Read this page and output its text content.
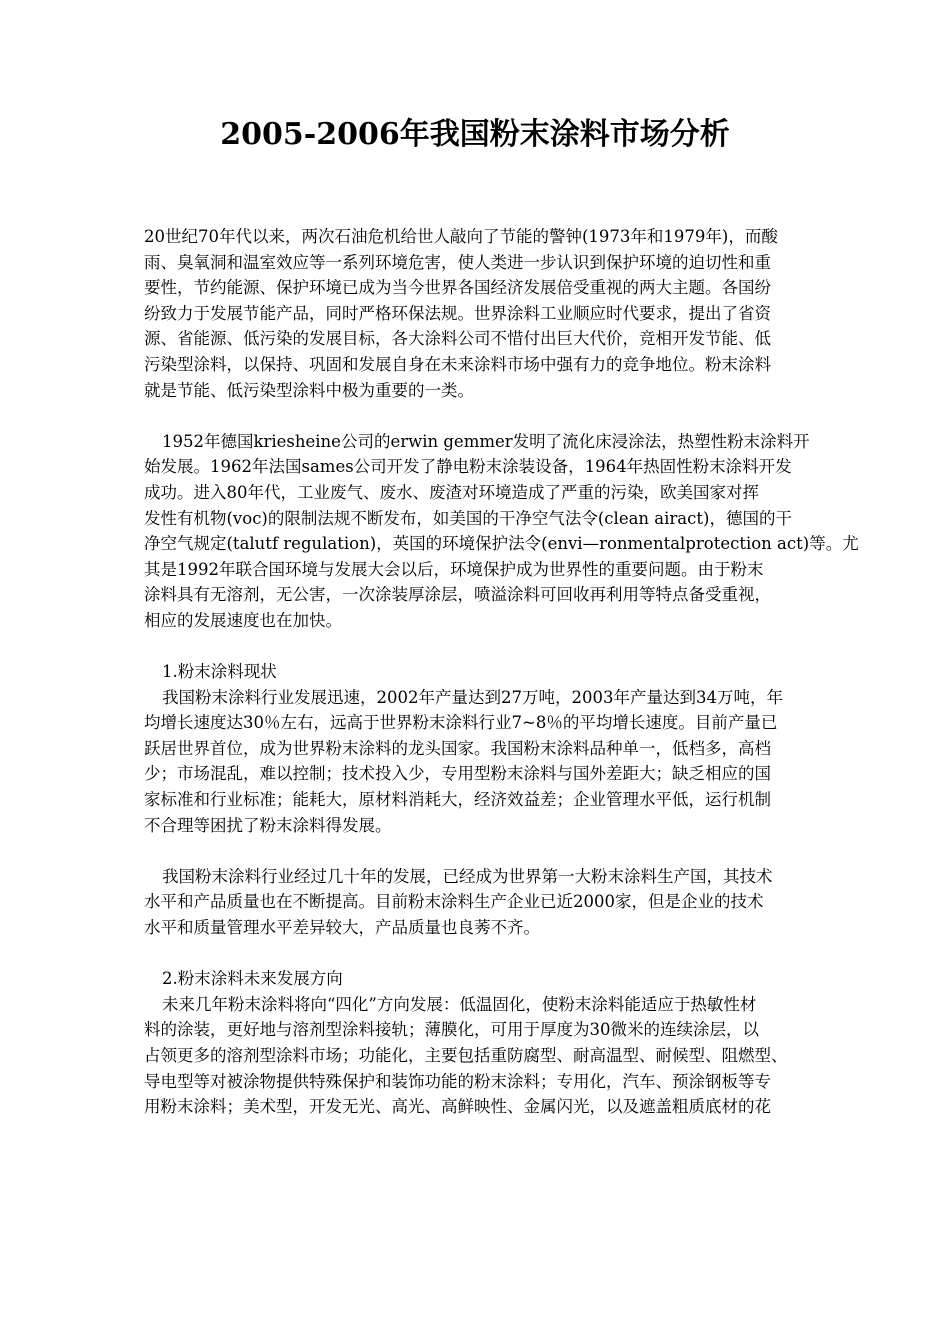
2005-2006年我国粉末涂料市场分析
20世纪70年代以来，两次石油危机给世人敲向了节能的警钟(1973年和1979年)，而酸
雨、臭氧洞和温室效应等一系列环境危害，使人类进一步认识到保护环境的迫切性和重
要性，节约能源、保护环境已成为当今世界各国经济发展倍受重视的两大主题。各国纷
纷致力于发展节能产品，同时严格环保法规。世界涂料工业顺应时代要求，提出了省资
源、省能源、低污染的发展目标，各大涂料公司不惜付出巨大代价，竞相开发节能、低
污染型涂料，以保持、巩固和发展自身在未来涂料市场中强有力的竞争地位。粉末涂料
就是节能、低污染型涂料中极为重要的一类。
1952年德国kriesheine公司的erwin gemmer发明了流化床浸涂法，热塑性粉末涂料开
始发展。1962年法国sames公司开发了静电粉末涂装设备，1964年热固性粉末涂料开发
成功。进入80年代，工业废气、废水、废渣对环境造成了严重的污染，欧美国家对挥
发性有机物(voc)的限制法规不断发布，如美国的干净空气法令(clean airact)，德国的干
净空气规定(talutf regulation)，英国的环境保护法令(envi—ronmentalprotection act)等。尤
其是1992年联合国环境与发展大会以后，环境保护成为世界性的重要问题。由于粉末
涂料具有无溶剂，无公害，一次涂装厚涂层，喷溢涂料可回收再利用等特点备受重视，
相应的发展速度也在加快。
1.粉末涂料现状
我国粉末涂料行业发展迅速，2002年产量达到27万吨，2003年产量达到34万吨，年
均增长速度达30％左右，远高于世界粉末涂料行业7~8％的平均增长速度。目前产量已
跃居世界首位，成为世界粉末涂料的龙头国家。我国粉末涂料品种单一，低档多，高档
少；市场混乱，难以控制；技术投入少，专用型粉末涂料与国外差距大；缺乏相应的国
家标准和行业标准；能耗大，原材料消耗大，经济效益差；企业管理水平低，运行机制
不合理等困扰了粉末涂料得发展。
我国粉末涂料行业经过几十年的发展，已经成为世界第一大粉末涂料生产国，其技术
水平和产品质量也在不断提高。目前粉末涂料生产企业已近2000家，但是企业的技术
水平和质量管理水平差异较大，产品质量也良莠不齐。
2.粉末涂料未来发展方向
未来几年粉末涂料将向“四化”方向发展：低温固化，使粉末涂料能适应于热敏性材
料的涂装，更好地与溶剂型涂料接轨；薄膜化，可用于厚度为30微米的连续涂层，以
占领更多的溶剂型涂料市场；功能化，主要包括重防腐型、耐高温型、耐候型、阻燃型、
导电型等对被涂物提供特殊保护和装饰功能的粉末涂料；专用化，汽车、预涂钢板等专
用粉末涂料；美术型，开发无光、高光、高鲜映性、金属闪光，以及遮盖粗质底材的花
